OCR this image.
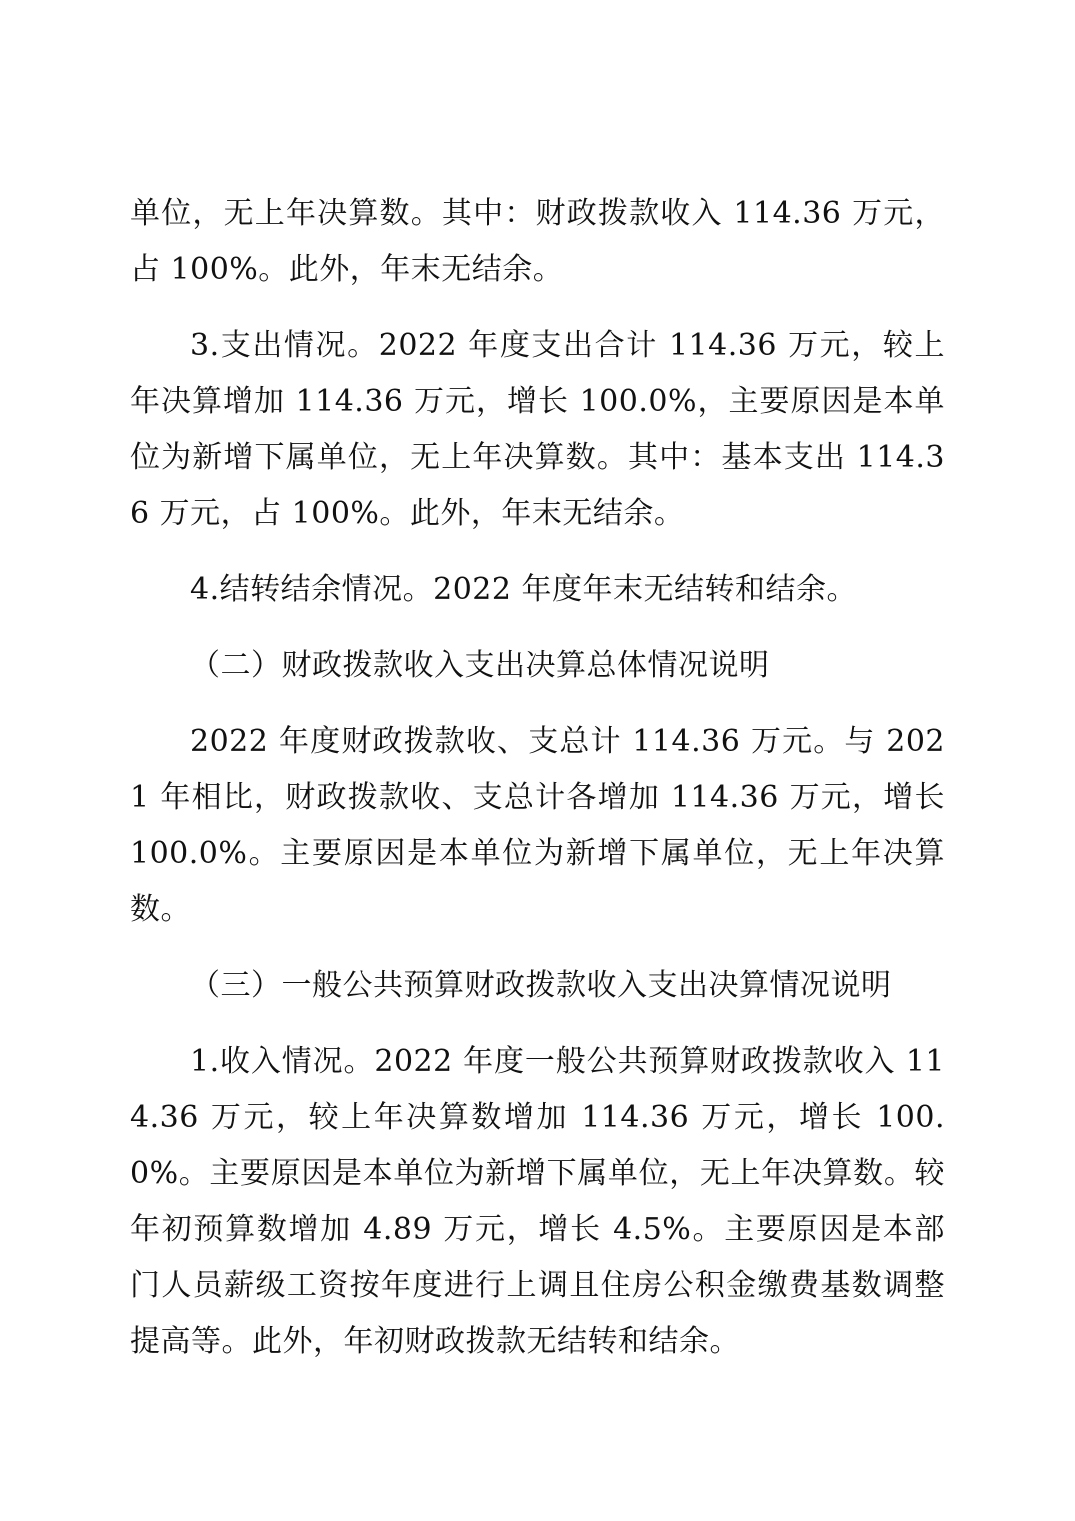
单位，无上年决算数。其中：财政拨款收入 114.36 万元，占 100%。此外，年末无结余。

3.支出情况。2022 年度支出合计 114.36 万元，较上年决算增加 114.36 万元，增长 100.0%，主要原因是本单位为新增下属单位，无上年决算数。其中：基本支出 114.36 万元，占 100%。此外，年末无结余。

4.结转结余情况。2022 年度年末无结转和结余。

（二）财政拨款收入支出决算总体情况说明

2022 年度财政拨款收、支总计 114.36 万元。与 2021 年相比，财政拨款收、支总计各增加 114.36 万元，增长 100.0%。主要原因是本单位为新增下属单位，无上年决算数。

（三）一般公共预算财政拨款收入支出决算情况说明

1.收入情况。2022 年度一般公共预算财政拨款收入 114.36 万元，较上年决算数增加 114.36 万元，增长 100.0%。主要原因是本单位为新增下属单位，无上年决算数。较年初预算数增加 4.89 万元，增长 4.5%。主要原因是本部门人员薪级工资按年度进行上调且住房公积金缴费基数调整提高等。此外，年初财政拨款无结转和结余。
